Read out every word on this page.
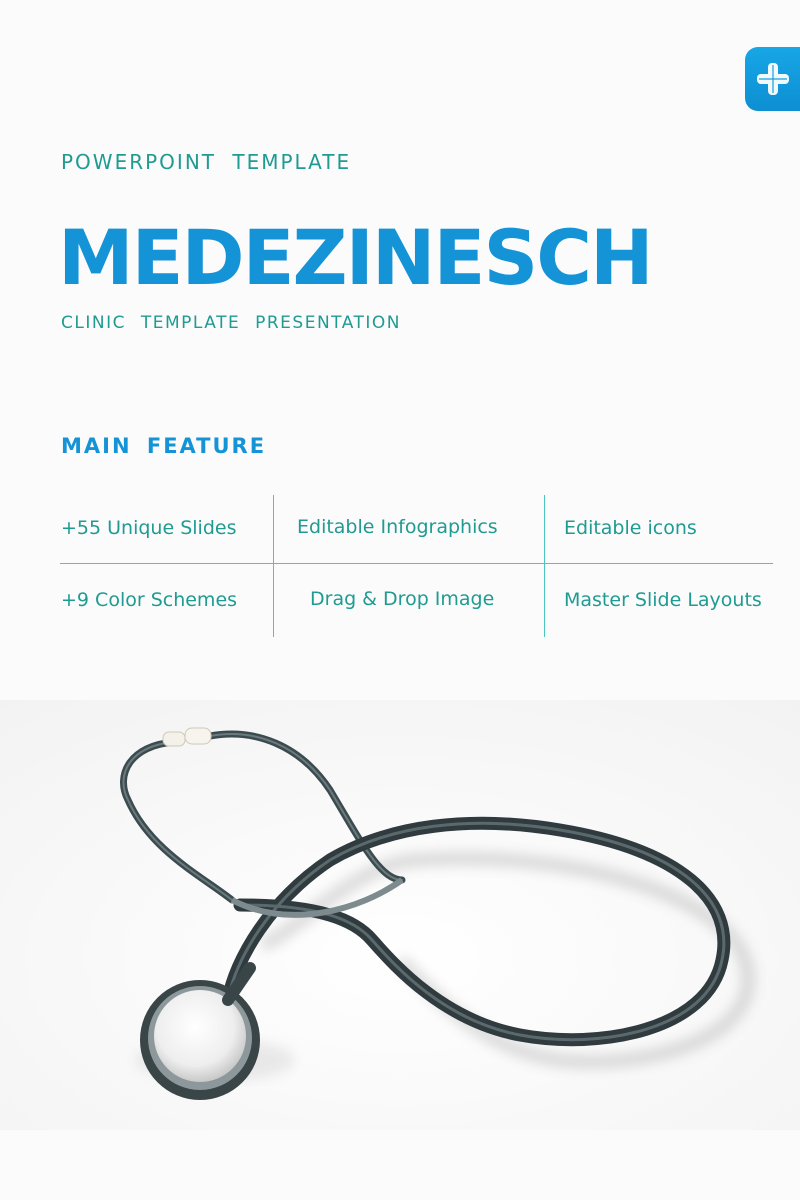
POWERPOINT TEMPLATE
MEDEZINESCH
CLINIC TEMPLATE PRESENTATION
MAIN FEATURE
+55 Unique Slides	Editable Infographics	Editable icons
+9 Color Schemes	Drag & Drop Image	Master Slide Layouts
